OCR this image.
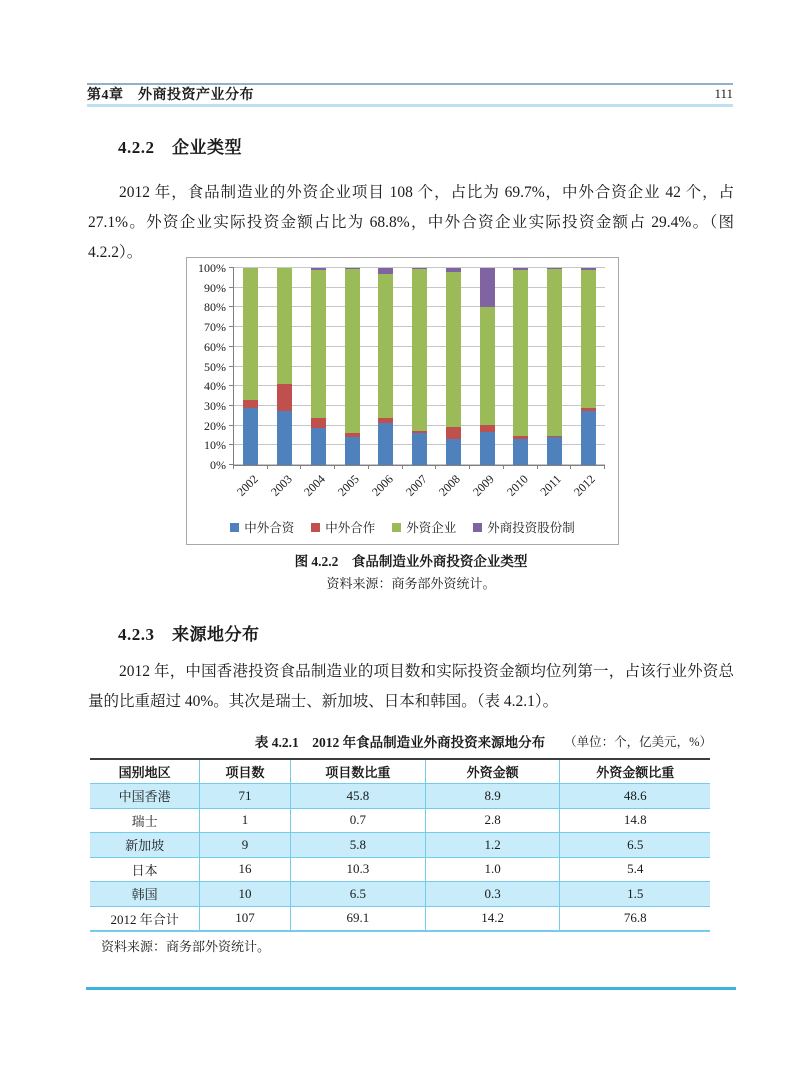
第4章　外商投资产业分布	111
4.2.2　企业类型
2012 年，食品制造业的外资企业项目 108 个，占比为 69.7%，中外合资企业 42 个，占 27.1%。外资企业实际投资金额占比为 68.8%，中外合资企业实际投资金额占 29.4%。（图 4.2.2）。
0%
10%
20%
30%
40%
50%
60%
70%
80%
90%
100%
2002 2003 2004 2005 2006 2007 2008 2009 2010 2011 2012
中外合资 中外合作 外资企业 外商投资股份制
图 4.2.2　食品制造业外商投资企业类型
资料来源：商务部外资统计。
4.2.3　来源地分布
2012 年，中国香港投资食品制造业的项目数和实际投资金额均位列第一，占该行业外资总量的比重超过 40%。其次是瑞士、新加坡、日本和韩国。（表 4.2.1）。
表 4.2.1　2012 年食品制造业外商投资来源地分布	（单位：个，亿美元，%）
国别地区	项目数	项目数比重	外资金额	外资金额比重
中国香港	71	45.8	8.9	48.6
瑞士	1	0.7	2.8	14.8
新加坡	9	5.8	1.2	6.5
日本	16	10.3	1.0	5.4
韩国	10	6.5	0.3	1.5
2012 年合计	107	69.1	14.2	76.8
资料来源：商务部外资统计。
